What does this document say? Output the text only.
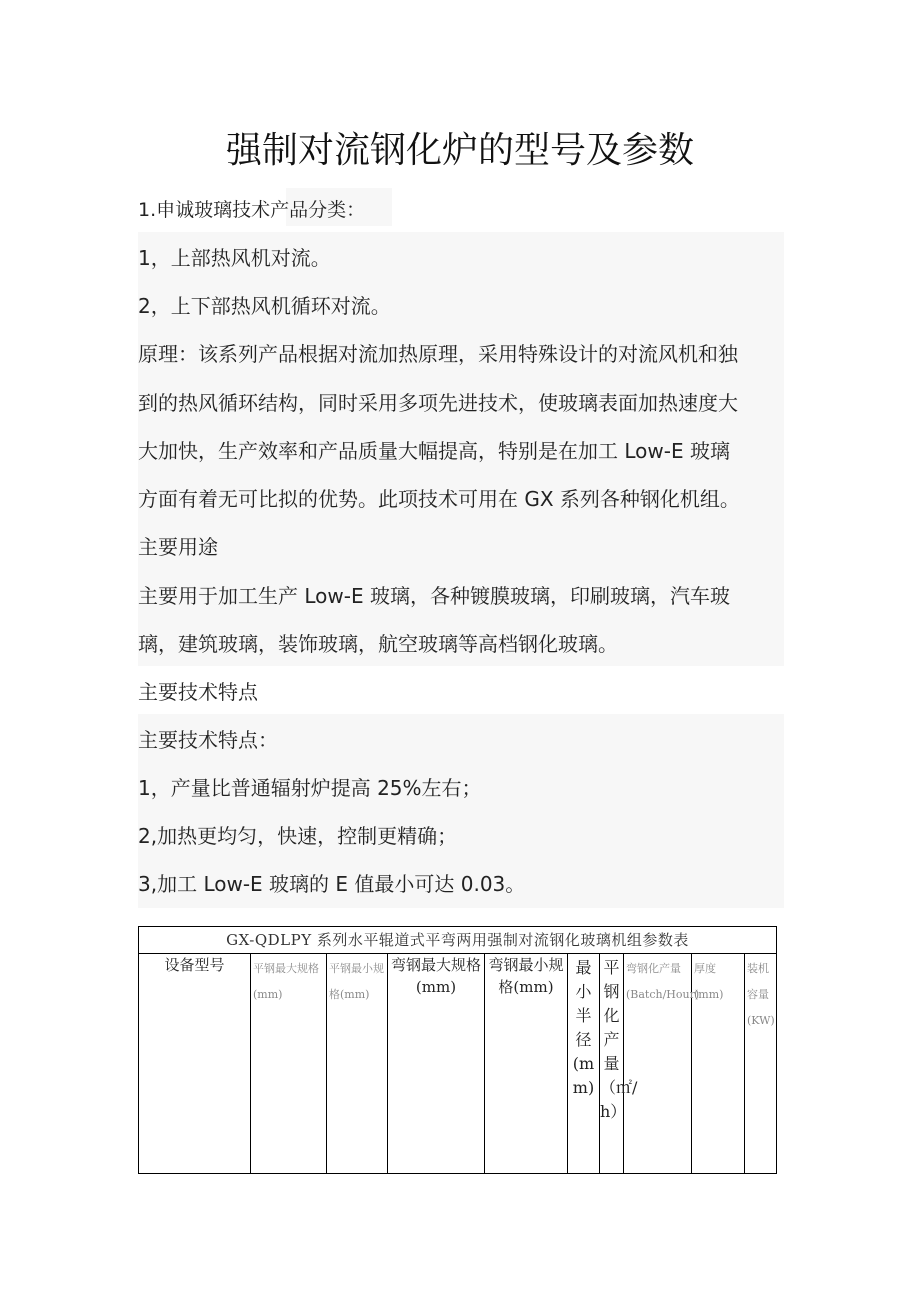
强制对流钢化炉的型号及参数
1.申诚玻璃技术产品分类：
1，上部热风机对流。
2，上下部热风机循环对流。
原理：该系列产品根据对流加热原理，采用特殊设计的对流风机和独
到的热风循环结构，同时采用多项先进技术，使玻璃表面加热速度大
大加快，生产效率和产品质量大幅提高，特别是在加工 Low-E 玻璃
方面有着无可比拟的优势。此项技术可用在 GX 系列各种钢化机组。
主要用途
主要用于加工生产 Low-E 玻璃，各种镀膜玻璃，印刷玻璃，汽车玻
璃，建筑玻璃，装饰玻璃，航空玻璃等高档钢化玻璃。
主要技术特点
主要技术特点：
1，产量比普通辐射炉提高 25%左右；
2,加热更均匀，快速，控制更精确；
3,加工 Low-E 玻璃的 E 值最小可达 0.03。
GX-QDLPY 系列水平辊道式平弯两用强制对流钢化玻璃机组参数表
设备型号	平钢最大规格(mm)	平钢最小规格(mm)	弯钢最大规格(mm)	弯钢最小规格(mm)	最小半径(mm)	平钢化产量（㎡/h）	弯钢化产量(Batch/Hour)	厚度(mm)	装机容量(KW)
